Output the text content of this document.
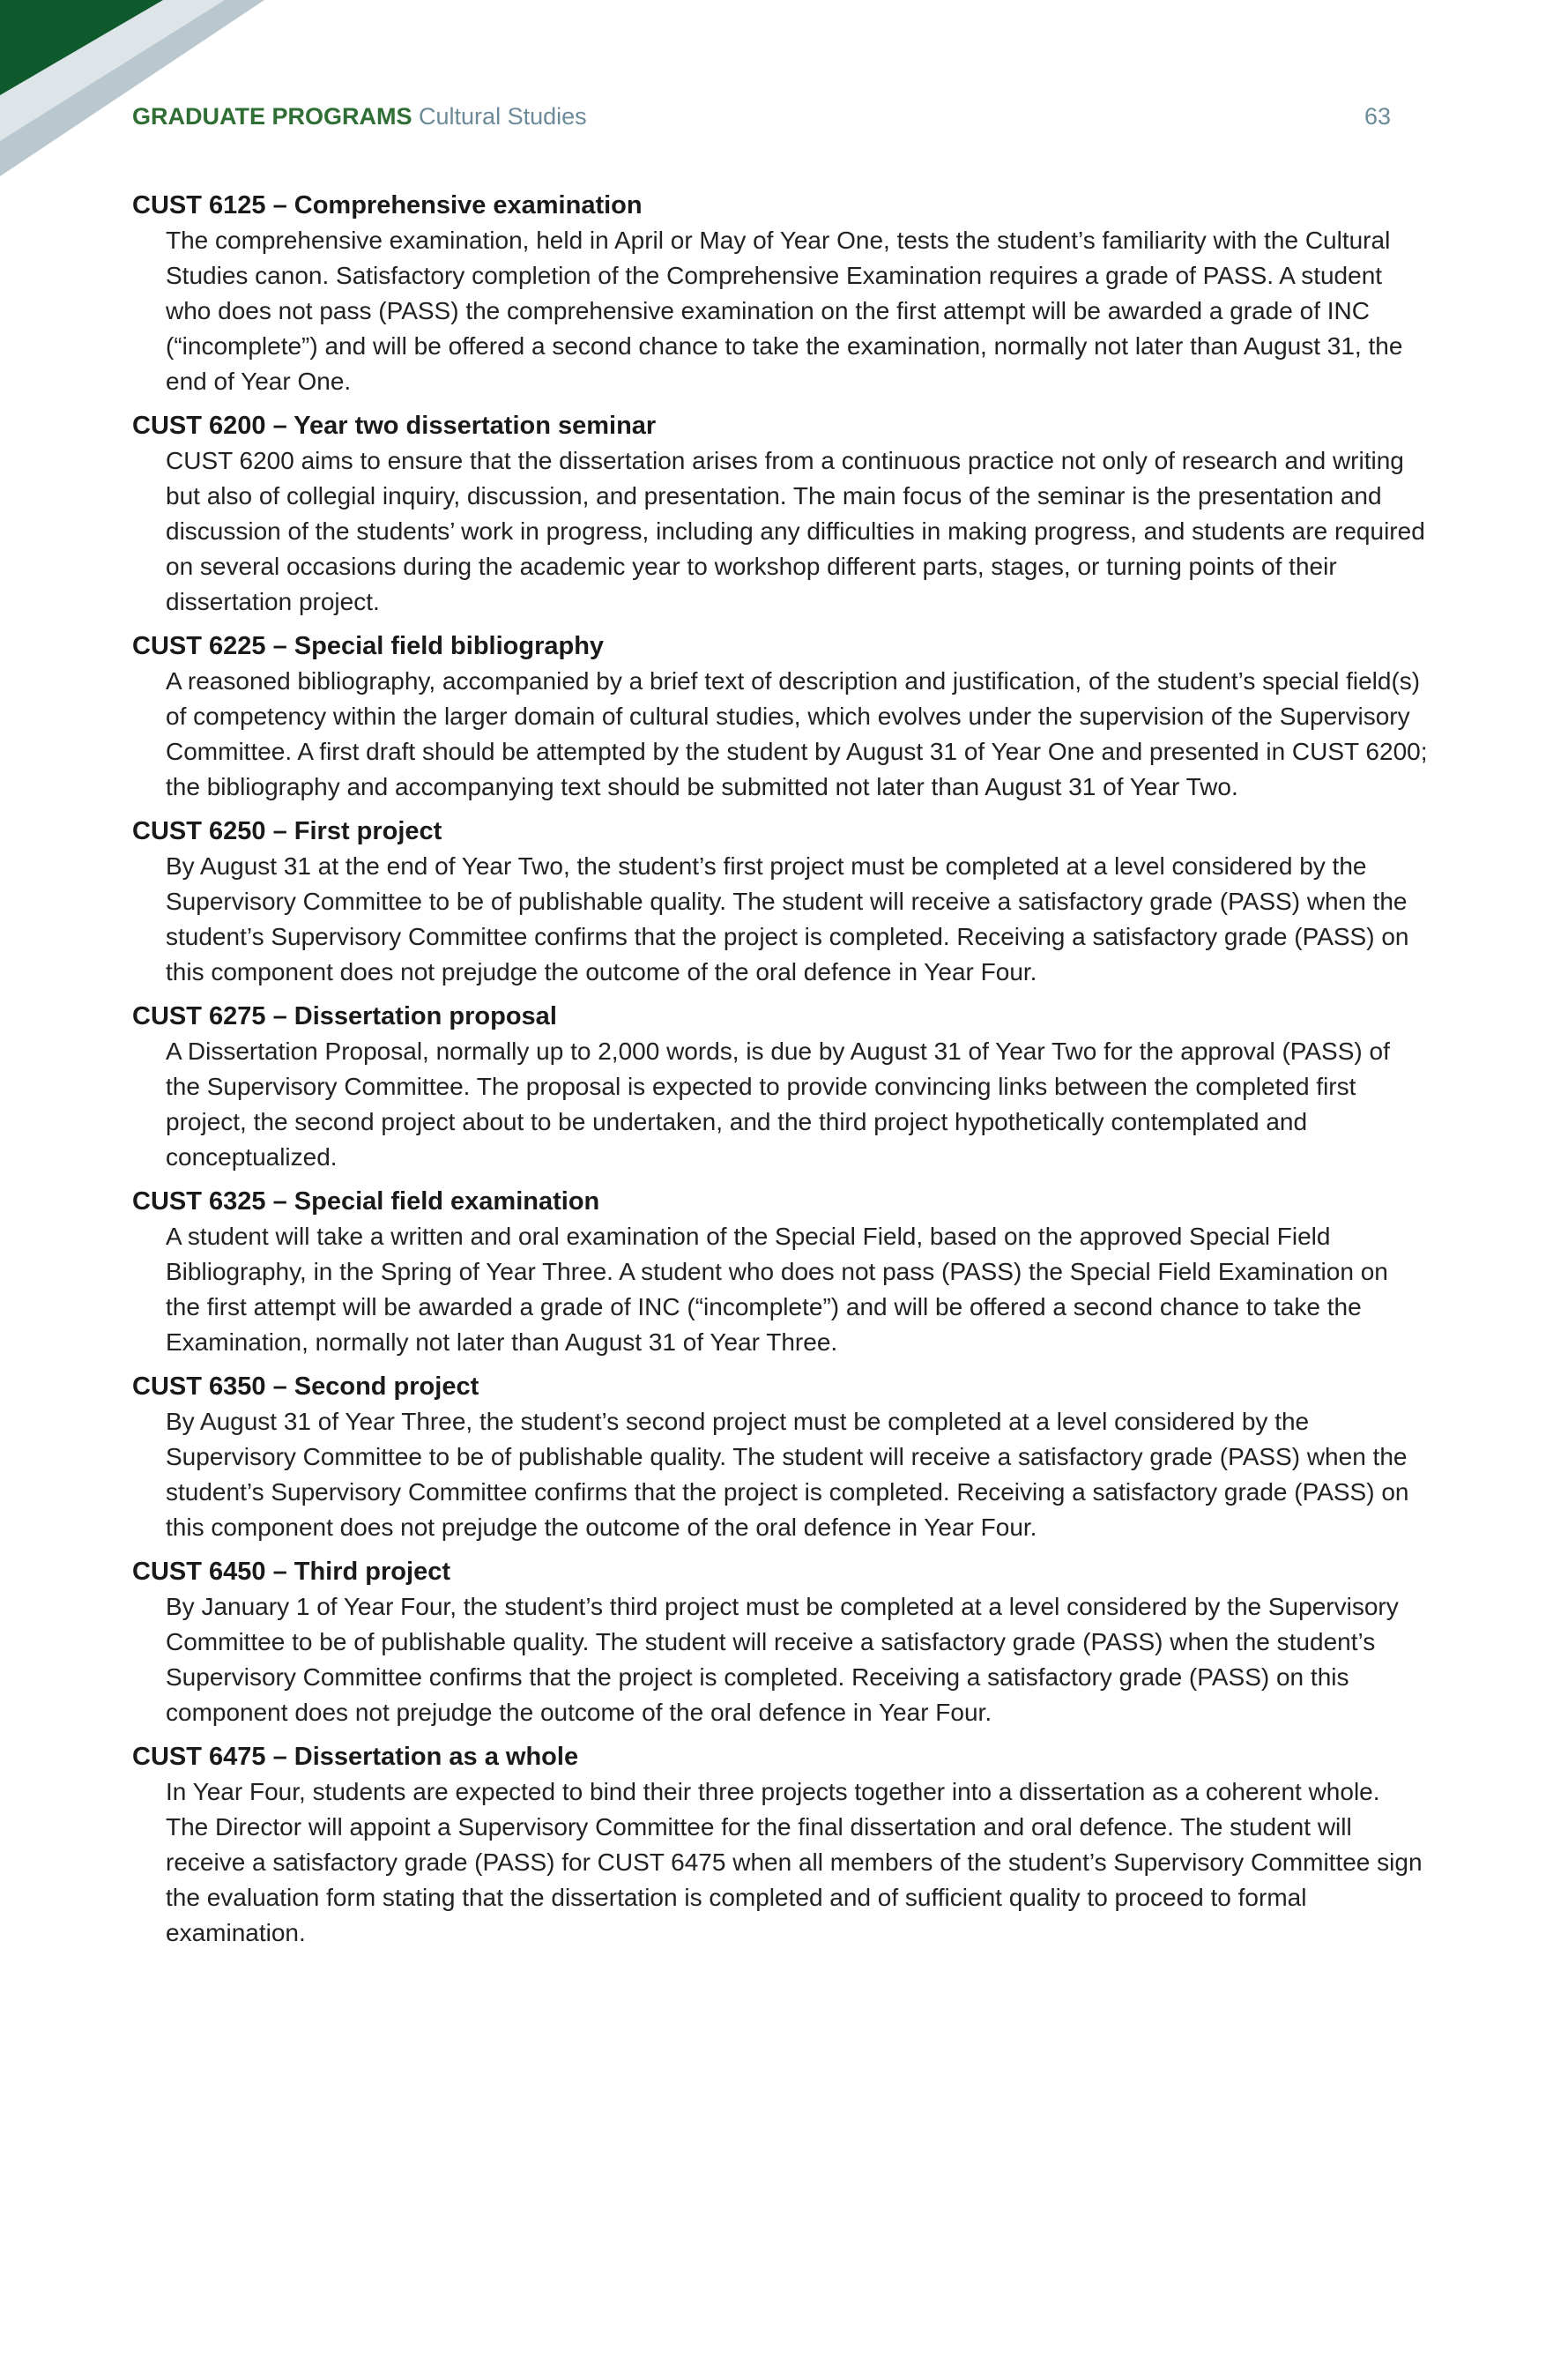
GRADUATE PROGRAMS Cultural Studies	63

CUST 6125 – Comprehensive examination

The comprehensive examination, held in April or May of Year One, tests the student’s familiarity with the Cultural Studies canon. Satisfactory completion of the Comprehensive Examination requires a grade of PASS. A student who does not pass (PASS) the comprehensive examination on the first attempt will be awarded a grade of INC (“incomplete”) and will be offered a second chance to take the examination, normally not later than August 31, the end of Year One.

CUST 6200 – Year two dissertation seminar

CUST 6200 aims to ensure that the dissertation arises from a continuous practice not only of research and writing but also of collegial inquiry, discussion, and presentation. The main focus of the seminar is the presentation and discussion of the students’ work in progress, including any difficulties in making progress, and students are required on several occasions during the academic year to workshop different parts, stages, or turning points of their dissertation project.

CUST 6225 – Special field bibliography

A reasoned bibliography, accompanied by a brief text of description and justification, of the student’s special field(s) of competency within the larger domain of cultural studies, which evolves under the supervision of the Supervisory Committee. A first draft should be attempted by the student by August 31 of Year One and presented in CUST 6200; the bibliography and accompanying text should be submitted not later than August 31 of Year Two.

CUST 6250 – First project

By August 31 at the end of Year Two, the student’s first project must be completed at a level considered by the Supervisory Committee to be of publishable quality. The student will receive a satisfactory grade (PASS) when the student’s Supervisory Committee confirms that the project is completed. Receiving a satisfactory grade (PASS) on this component does not prejudge the outcome of the oral defence in Year Four.

CUST 6275 – Dissertation proposal

A Dissertation Proposal, normally up to 2,000 words, is due by August 31 of Year Two for the approval (PASS) of the Supervisory Committee. The proposal is expected to provide convincing links between the completed first project, the second project about to be undertaken, and the third project hypothetically contemplated and conceptualized.

CUST 6325 – Special field examination

A student will take a written and oral examination of the Special Field, based on the approved Special Field Bibliography, in the Spring of Year Three. A student who does not pass (PASS) the Special Field Examination on the first attempt will be awarded a grade of INC (“incomplete”) and will be offered a second chance to take the Examination, normally not later than August 31 of Year Three.

CUST 6350 – Second project

By August 31 of Year Three, the student’s second project must be completed at a level considered by the Supervisory Committee to be of publishable quality. The student will receive a satisfactory grade (PASS) when the student’s Supervisory Committee confirms that the project is completed. Receiving a satisfactory grade (PASS) on this component does not prejudge the outcome of the oral defence in Year Four.

CUST 6450 – Third project

By January 1 of Year Four, the student’s third project must be completed at a level considered by the Supervisory Committee to be of publishable quality. The student will receive a satisfactory grade (PASS) when the student’s Supervisory Committee confirms that the project is completed. Receiving a satisfactory grade (PASS) on this component does not prejudge the outcome of the oral defence in Year Four.

CUST 6475 – Dissertation as a whole

In Year Four, students are expected to bind their three projects together into a dissertation as a coherent whole. The Director will appoint a Supervisory Committee for the final dissertation and oral defence. The student will receive a satisfactory grade (PASS) for CUST 6475 when all members of the student’s Supervisory Committee sign the evaluation form stating that the dissertation is completed and of sufficient quality to proceed to formal examination.
